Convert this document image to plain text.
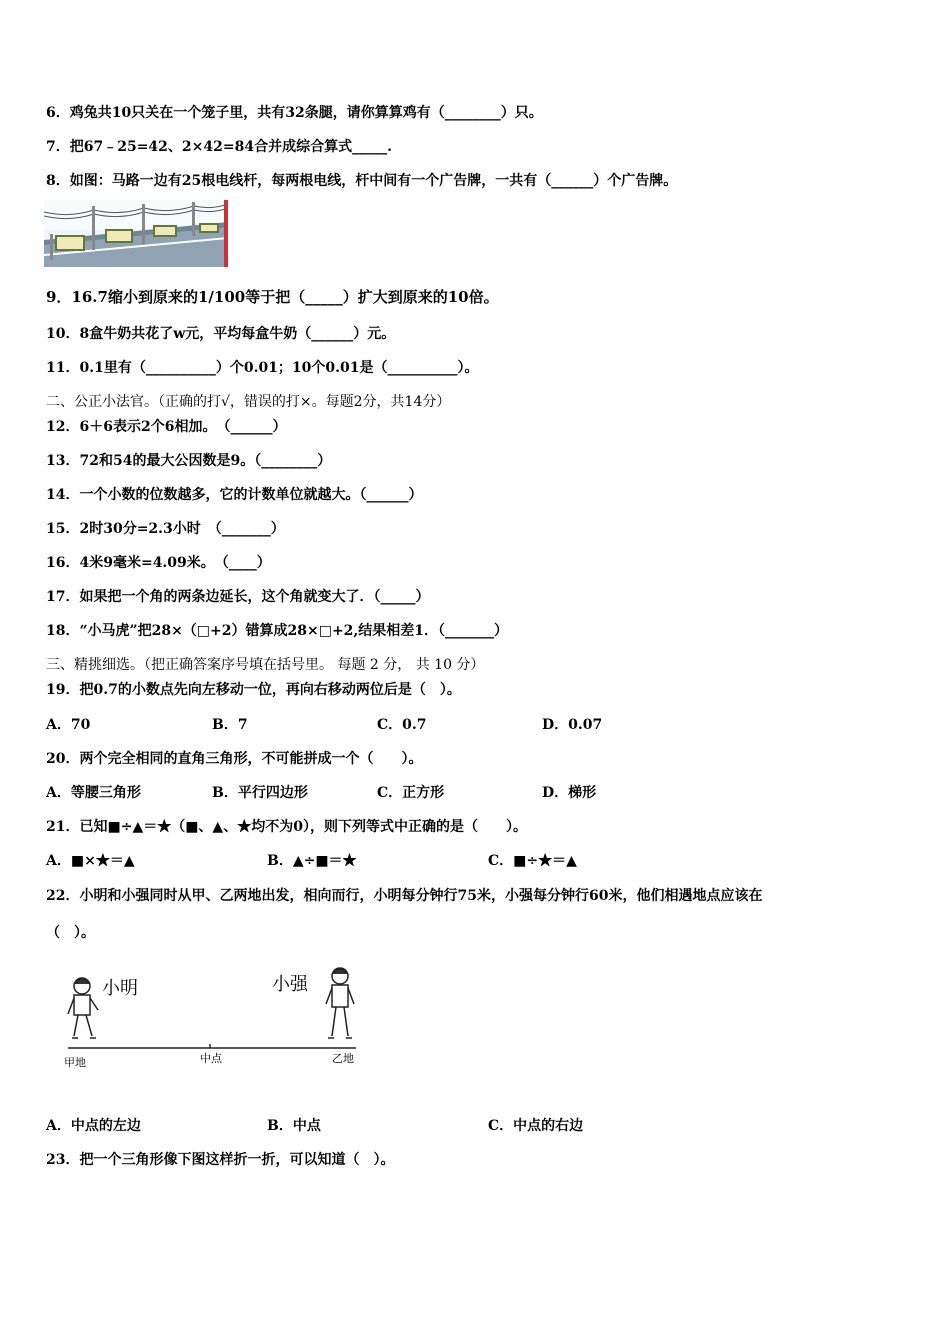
6．鸡兔共10只关在一个笼子里，共有32条腿，请你算算鸡有（________）只。
7．把67﹣25=42、2×42=84合并成综合算式_____.
8．如图：马路一边有25根电线杆，每两根电线，杆中间有一个广告牌，一共有（______）个广告牌。
9．16.7缩小到原来的1/100等于把（_____）扩大到原来的10倍。
10．8盒牛奶共花了w元，平均每盒牛奶（______）元。
11．0.1里有（__________）个0.01；10个0.01是（__________）。
二、公正小法官。（正确的打√，错误的打×。每题2分，共14分）
12．6＋6表示2个6相加。　（______）
13．72和54的最大公因数是9。（________）
14．一个小数的位数越多，它的计数单位就越大。（______）
15．2时30分=2.3小时　（_______）
16．4米9毫米=4.09米。　（____）
17．如果把一个角的两条边延长，这个角就变大了．（_____）
18．“小马虎”把28×（□+2）错算成28×□+2,结果相差1．（_______）
三、精挑细选。（把正确答案序号填在括号里。 每题 2 分， 共 10 分）
19．把0.7的小数点先向左移动一位，再向右移动两位后是（　）。
A．70	B．7	C．0.7	D．0.07
20．两个完全相同的直角三角形，不可能拼成一个（　　）。
A．等腰三角形	B．平行四边形	C．正方形	D．梯形
21．已知■÷▲＝★（■、▲、★均不为0），则下列等式中正确的是（　　）。
A．■×★＝▲	B．▲÷■＝★	C．■÷★＝▲
22．小明和小强同时从甲、乙两地出发，相向而行，小明每分钟行75米，小强每分钟行60米，他们相遇地点应该在
（　）。
小明	小强
甲地	中点	乙地
A．中点的左边	B．中点	C．中点的右边
23．把一个三角形像下图这样折一折，可以知道（　）。
